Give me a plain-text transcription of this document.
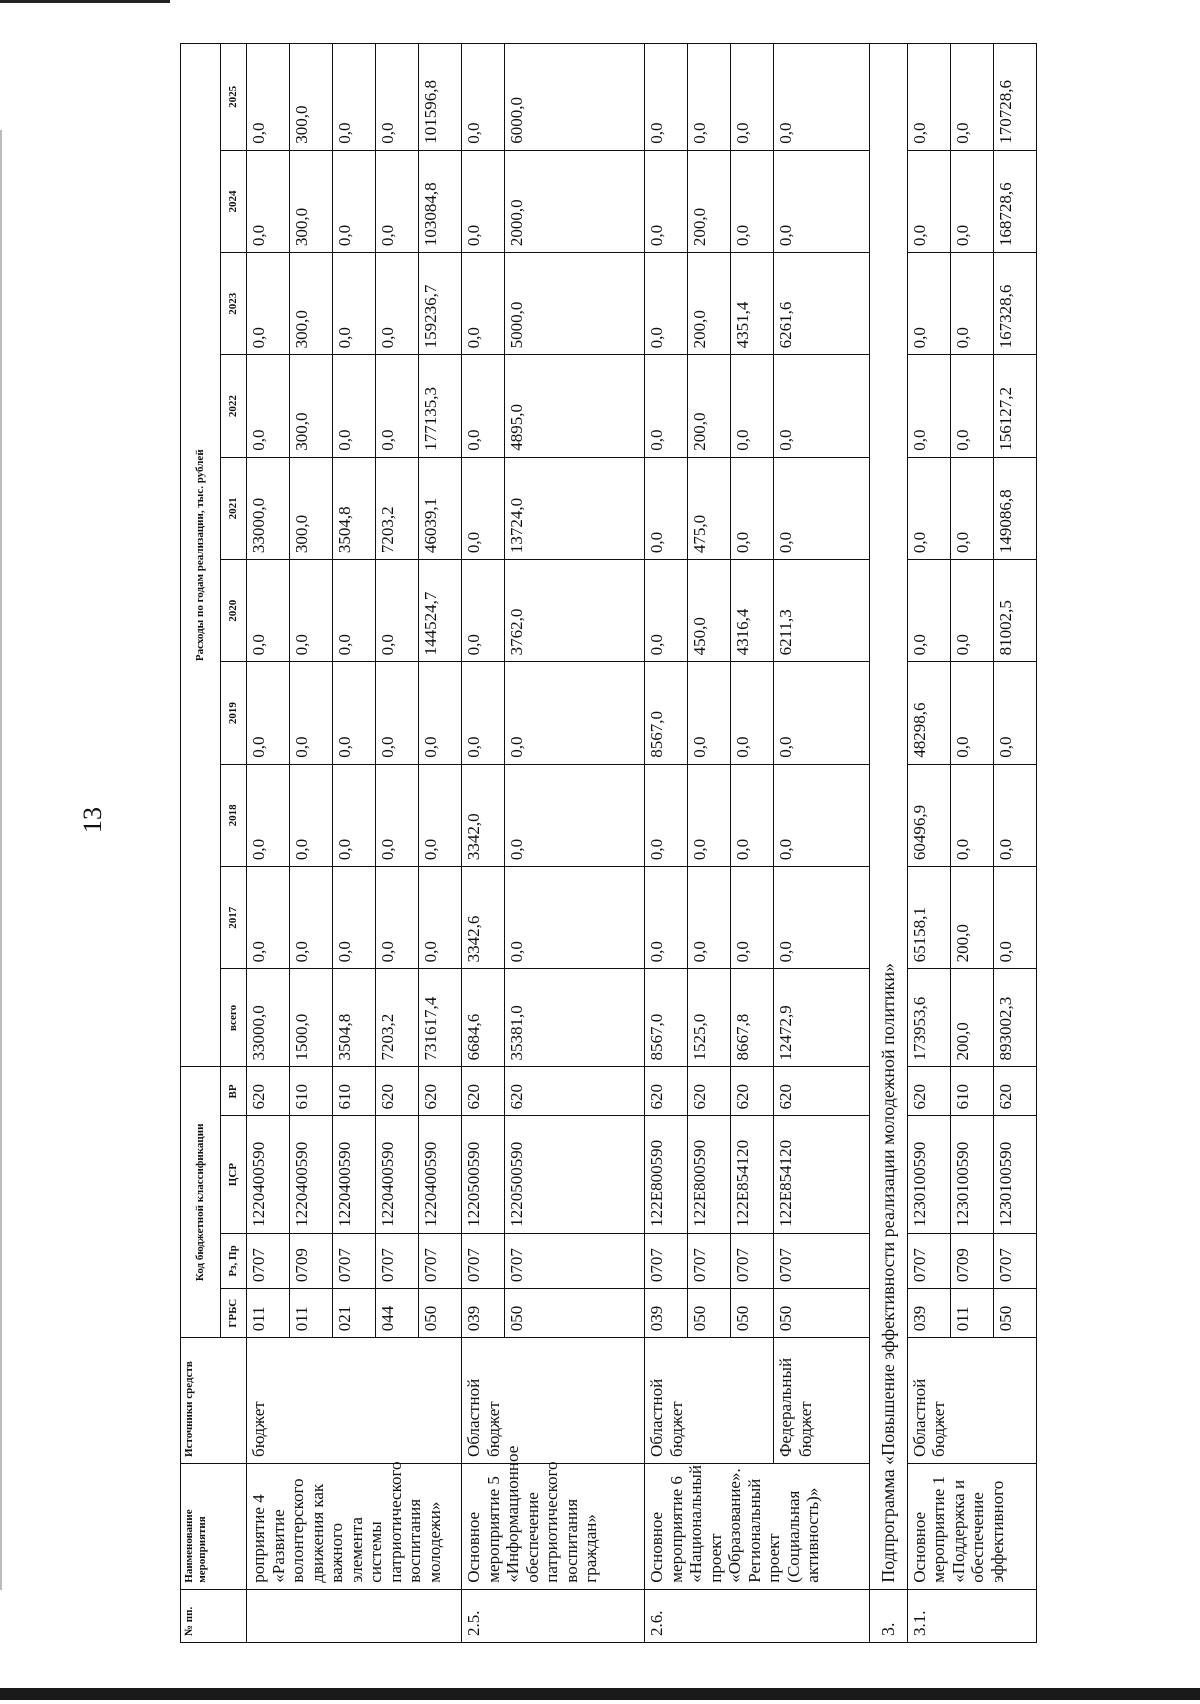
13
№ пп.	Наименование мероприятия	Источники средств	Код бюджетной классификации				Расходы по годам реализации, тыс. рублей									
			ГРБС	Рз, Пр	ЦСР	ВР	всего	2017	2018	2019	2020	2021	2022	2023	2024	2025
	роприятие 4 «Развитие волонтерского движения как важного элемента системы патриотического воспитания молодежи»	бюджет	011	0707	1220400590	620	33000,0	0,0	0,0	0,0	0,0	33000,0	0,0	0,0	0,0	0,0
			011	0709	1220400590	610	1500,0	0,0	0,0	0,0	0,0	300,0	300,0	300,0	300,0	300,0
			021	0707	1220400590	610	3504,8	0,0	0,0	0,0	0,0	3504,8	0,0	0,0	0,0	0,0
			044	0707	1220400590	620	7203,2	0,0	0,0	0,0	0,0	7203,2	0,0	0,0	0,0	0,0
			050	0707	1220400590	620	731617,4	0,0	0,0	0,0	144524,7	46039,1	177135,3	159236,7	103084,8	101596,8
2.5.	Основное мероприятие 5 «Информационное обеспечение патриотического воспитания граждан»	Областной бюджет	039	0707	1220500590	620	6684,6	3342,6	3342,0	0,0	0,0	0,0	0,0	0,0	0,0	0,0
			050	0707	1220500590	620	35381,0	0,0	0,0	0,0	3762,0	13724,0	4895,0	5000,0	2000,0	6000,0
2.6.	Основное мероприятие 6 «Национальный проект «Образование». Региональный проект (Социальная активность)»	Областной бюджет	039	0707	122E800590	620	8567,0	0,0	0,0	8567,0	0,0	0,0	0,0	0,0	0,0	0,0
			050	0707	122E800590	620	1525,0	0,0	0,0	0,0	450,0	475,0	200,0	200,0	200,0	0,0
			050	0707	122E854120	620	8667,8	0,0	0,0	0,0	4316,4	0,0	0,0	4351,4	0,0	0,0
		Федеральный бюджет	050	0707	122E854120	620	12472,9	0,0	0,0	0,0	6211,3	0,0	0,0	6261,6	0,0	0,0
3.	Подпрограмма «Повышение эффективности реализации молодежной политики»															
3.1.	Основное мероприятие 1 «Поддержка и обеспечение эффективного	Областной бюджет	039	0707	1230100590	620	173953,6	65158,1	60496,9	48298,6	0,0	0,0	0,0	0,0	0,0	0,0
			011	0709	1230100590	610	200,0	200,0	0,0	0,0	0,0	0,0	0,0	0,0	0,0	0,0
			050	0707	1230100590	620	893002,3	0,0	0,0	0,0	81002,5	149086,8	156127,2	167328,6	168728,6	170728,6
